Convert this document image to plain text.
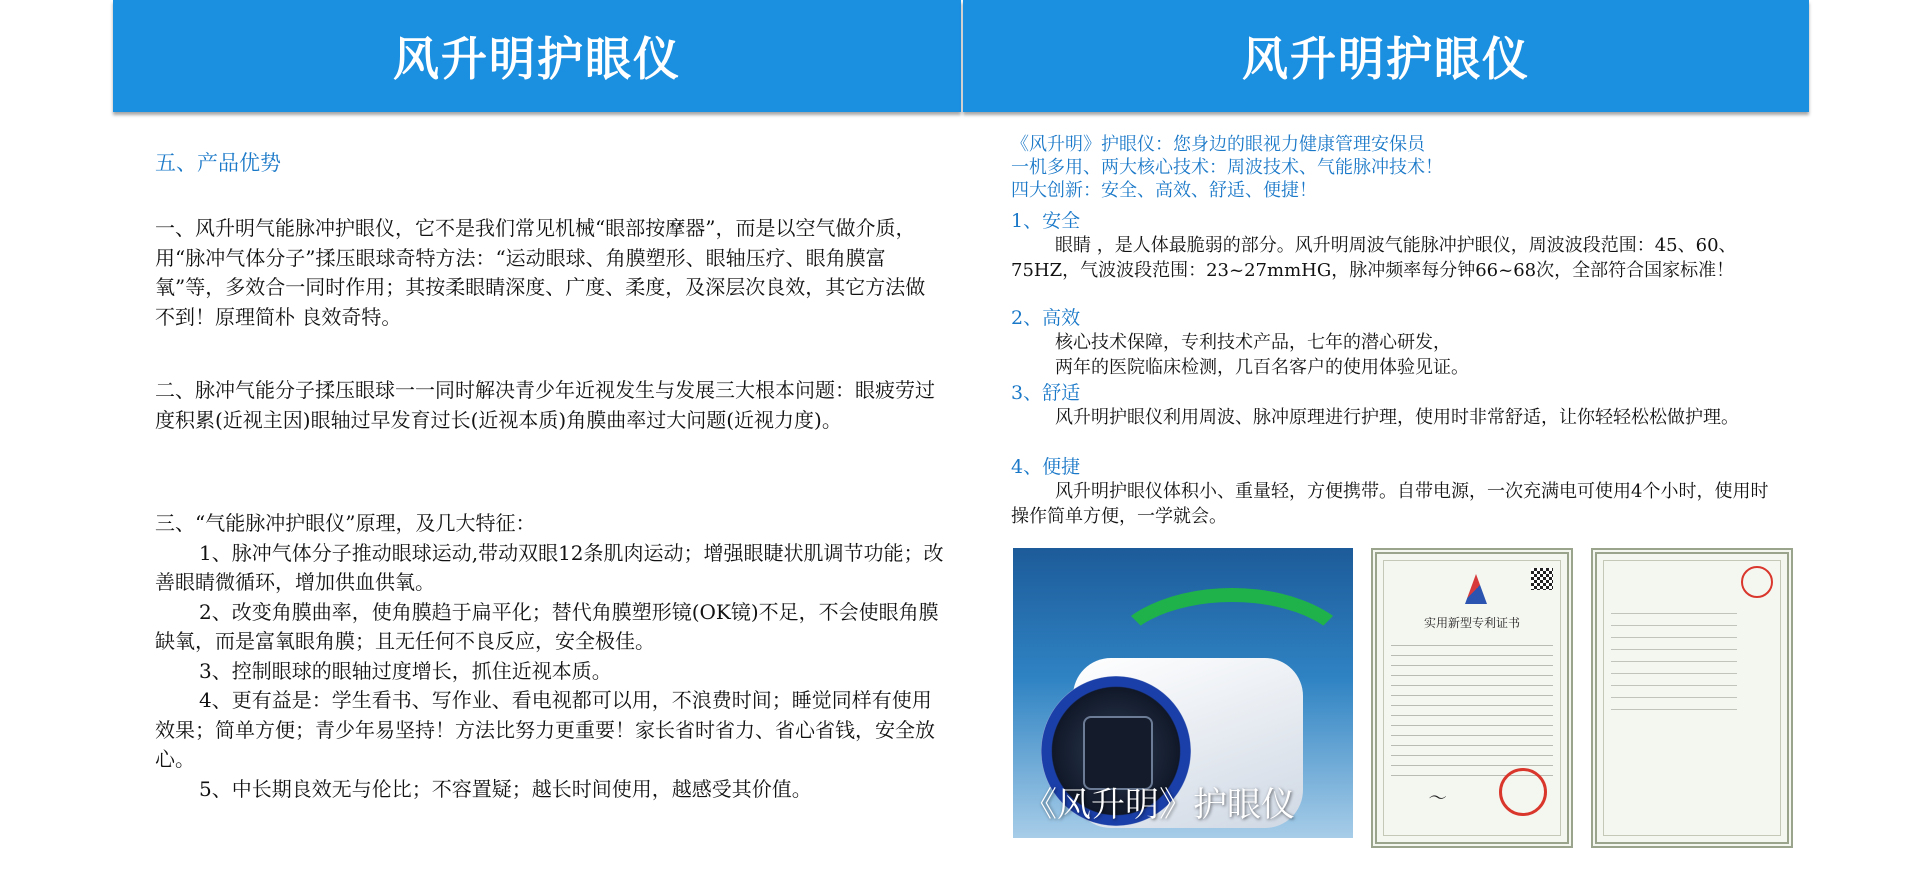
风升明护眼仪
五、产品优势

一、风升明气能脉冲护眼仪，它不是我们常见机械“眼部按摩器”，而是以空气做介质，用“脉冲气体分子”揉压眼球奇特方法：“运动眼球、角膜塑形、眼轴压疗、眼角膜富氧”等，多效合一同时作用；其按柔眼睛深度、广度、柔度，及深层次良效，其它方法做不到！原理简朴 良效奇特。

二、脉冲气能分子揉压眼球一一同时解决青少年近视发生与发展三大根本问题：眼疲劳过度积累(近视主因)眼轴过早发育过长(近视本质)角膜曲率过大问题(近视力度)。

三、“气能脉冲护眼仪”原理，及几大特征：

1、脉冲气体分子推动眼球运动,带动双眼12条肌肉运动；增强眼睫状肌调节功能；改善眼睛微循环，增加供血供氧。

2、改变角膜曲率，使角膜趋于扁平化；替代角膜塑形镜(OK镜)不足，不会使眼角膜缺氧，而是富氧眼角膜；且无任何不良反应，安全极佳。

3、控制眼球的眼轴过度增长，抓住近视本质。

4、更有益是：学生看书、写作业、看电视都可以用，不浪费时间；睡觉同样有使用效果；简单方便；青少年易坚持！方法比努力更重要！家长省时省力、省心省钱，安全放心。

5、中长期良效无与伦比；不容置疑；越长时间使用，越感受其价值。

风升明护眼仪
《风升明》护眼仪：您身边的眼视力健康管理安保员
一机多用、两大核心技术：周波技术、气能脉冲技术！
四大创新：安全、高效、舒适、便捷！

1、安全

眼睛 ，是人体最脆弱的部分。风升明周波气能脉冲护眼仪，周波波段范围：45、60、75HZ，气波波段范围：23~27mmHG，脉冲频率每分钟66~68次，全部符合国家标准！

2、高效

核心技术保障，专利技术产品，七年的潜心研发，
两年的医院临床检测，几百名客户的使用体验见证。

3、舒适

风升明护眼仪利用周波、脉冲原理进行护理，使用时非常舒适，让你轻轻松松做护理。

4、便捷

风升明护眼仪体积小、重量轻，方便携带。自带电源，一次充满电可使用4个小时，使用时操作简单方便，一学就会。
《风升明》护眼仪
实用新型专利证书
〜
